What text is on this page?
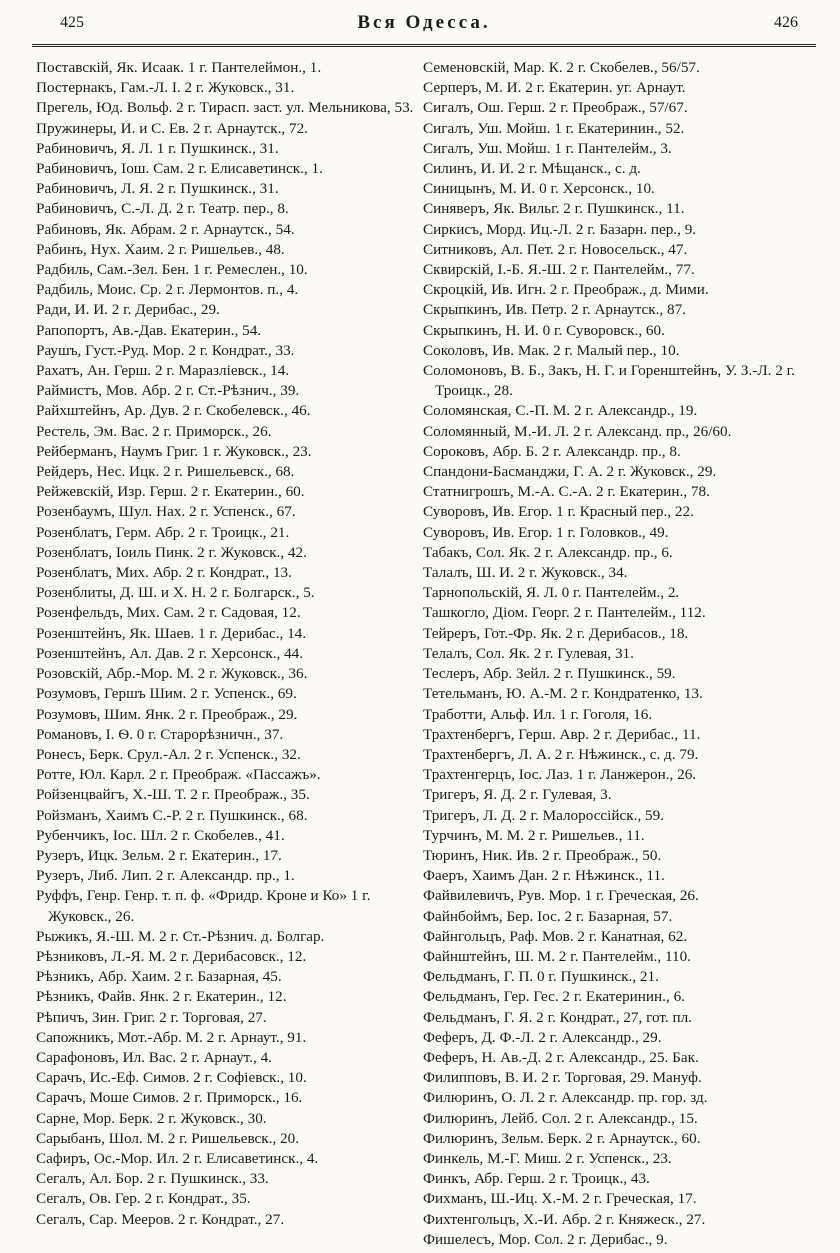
425	Вся Одесса.	426
Поставскій, Як. Исаак. 1 г. Пантелеймон., 1.
Постернакъ, Гам.-Л. І. 2 г. Жуковск., 31.
Прегель, Юд. Вольф. 2 г. Тирасп. заст. ул. Мельникова, 53.
Пружинеры, И. и С. Ев. 2 г. Арнаутск., 72.
Рабиновичъ, Я. Л. 1 г. Пушкинск., 31.
Рабиновичъ, Іош. Сам. 2 г. Елисаветинск., 1.
Рабиновичъ, Л. Я. 2 г. Пушкинск., 31.
Рабиновичъ, С.-Л. Д. 2 г. Театр. пер., 8.
Рабиновъ, Як. Абрам. 2 г. Арнаутск., 54.
Рабинъ, Нух. Хаим. 2 г. Ришельев., 48.
Радбиль, Сам.-Зел. Бен. 1 г. Ремеслен., 10.
Радбиль, Моис. Ср. 2 г. Лермонтов. п., 4.
Ради, И. И. 2 г. Дерибас., 29.
Рапопортъ, Ав.-Дав. Екатерин., 54.
Раушъ, Густ.-Руд. Мор. 2 г. Кондрат., 33.
Рахатъ, Ан. Герш. 2 г. Маразліевск., 14.
Раймистъ, Мов. Абр. 2 г. Ст.-Рѣзнич., 39.
Райхштейнъ, Ар. Дув. 2 г. Скобелевск., 46.
Рестель, Эм. Вас. 2 г. Приморск., 26.
Рейберманъ, Наумъ Григ. 1 г. Жуковск., 23.
Рейдеръ, Нес. Ицк. 2 г. Ришельевск., 68.
Рейжевскій, Изр. Герш. 2 г. Екатерин., 60.
Розенбаумъ, Шул. Нах. 2 г. Успенск., 67.
Розенблатъ, Герм. Абр. 2 г. Троицк., 21.
Розенблатъ, Іоиль Пинк. 2 г. Жуковск., 42.
Розенблатъ, Мих. Абр. 2 г. Кондрат., 13.
Розенблиты, Д. Ш. и Х. Н. 2 г. Болгарск., 5.
Розенфельдъ, Мих. Сам. 2 г. Садовая, 12.
Розенштейнъ, Як. Шаев. 1 г. Дерибас., 14.
Розенштейнъ, Ал. Дав. 2 г. Херсонск., 44.
Розовскій, Абр.-Мор. М. 2 г. Жуковск., 36.
Розумовъ, Гершъ Шим. 2 г. Успенск., 69.
Розумовъ, Шим. Янк. 2 г. Преображ., 29.
Романовъ, І. Ѳ. 0 г. Старорѣзничн., 37.
Ронесъ, Берк. Срул.-Ал. 2 г. Успенск., 32.
Ротте, Юл. Карл. 2 г. Преображ. «Пассажъ».
Ройзенцвайгъ, Х.-Ш. Т. 2 г. Преображ., 35.
Ройзманъ, Хаимъ С.-Р. 2 г. Пушкинск., 68.
Рубенчикъ, Іос. Шл. 2 г. Скобелев., 41.
Рузеръ, Ицк. Зельм. 2 г. Екатерин., 17.
Рузеръ, Либ. Лип. 2 г. Александр. пр., 1.
Руффъ, Генр. Генр. т. п. ф. «Фридр. Кроне и Ко» 1 г. Жуковск., 26.
Рыжикъ, Я.-Ш. М. 2 г. Ст.-Рѣзнич. д. Болгар.
Рѣзниковъ, Л.-Я. М. 2 г. Дерибасовск., 12.
Рѣзникъ, Абр. Хаим. 2 г. Базарная, 45.
Рѣзникъ, Файв. Янк. 2 г. Екатерин., 12.
Рѣпичъ, Зин. Григ. 2 г. Торговая, 27.
Сапожникъ, Мот.-Абр. М. 2 г. Арнаут., 91.
Сарафоновъ, Ил. Вас. 2 г. Арнаут., 4.
Сарачъ, Ис.-Еф. Симов. 2 г. Софіевск., 10.
Сарачъ, Моше Симов. 2 г. Приморск., 16.
Сарне, Мор. Берк. 2 г. Жуковск., 30.
Сарыбанъ, Шол. М. 2 г. Ришельевск., 20.
Сафиръ, Ос.-Мор. Ил. 2 г. Елисаветинск., 4.
Сегалъ, Ал. Бор. 2 г. Пушкинск., 33.
Сегалъ, Ов. Гер. 2 г. Кондрат., 35.
Сегалъ, Сар. Мееров. 2 г. Кондрат., 27.
Семеновскій, Мар. К. 2 г. Скобелев., 56/57.
Серперъ, М. И. 2 г. Екатерин. уг. Арнаут.
Сигалъ, Ош. Герш. 2 г. Преображ., 57/67.
Сигалъ, Уш. Мойш. 1 г. Екатеринин., 52.
Сигалъ, Уш. Мойш. 1 г. Пантелейм., 3.
Силинъ, И. И. 2 г. Мѣщанск., с. д.
Синицынъ, М. И. 0 г. Херсонск., 10.
Синяверъ, Як. Вильг. 2 г. Пушкинск., 11.
Сиркисъ, Морд. Иц.-Л. 2 г. Базарн. пер., 9.
Ситниковъ, Ал. Пет. 2 г. Новосельск., 47.
Сквирскій, І.-Б. Я.-Ш. 2 г. Пантелейм., 77.
Скроцкій, Ив. Игн. 2 г. Преображ., д. Мими.
Скрыпкинъ, Ив. Петр. 2 г. Арнаутск., 87.
Скрыпкинъ, Н. И. 0 г. Суворовск., 60.
Соколовъ, Ив. Мак. 2 г. Малый пер., 10.
Соломоновъ, В. Б., Закъ, Н. Г. и Горенштейнъ, У. З.-Л. 2 г. Троицк., 28.
Соломянская, С.-П. М. 2 г. Александр., 19.
Соломянный, М.-И. Л. 2 г. Александ. пр., 26/60.
Сороковъ, Абр. Б. 2 г. Александр. пр., 8.
Спандони-Басманджи, Г. А. 2 г. Жуковск., 29.
Статнигрошъ, М.-А. С.-А. 2 г. Екатерин., 78.
Суворовъ, Ив. Егор. 1 г. Красный пер., 22.
Суворовъ, Ив. Егор. 1 г. Головков., 49.
Табакъ, Сол. Як. 2 г. Александр. пр., 6.
Талалъ, Ш. И. 2 г. Жуковск., 34.
Тарнопольскій, Я. Л. 0 г. Пантелейм., 2.
Ташкогло, Діом. Георг. 2 г. Пантелейм., 112.
Тейреръ, Гот.-Фр. Як. 2 г. Дерибасов., 18.
Телалъ, Сол. Як. 2 г. Гулевая, 31.
Теслеръ, Абр. Зейл. 2 г. Пушкинск., 59.
Тетельманъ, Ю. А.-М. 2 г. Кондратенко, 13.
Тработти, Альф. Ил. 1 г. Гоголя, 16.
Трахтенбергъ, Герш. Авр. 2 г. Дерибас., 11.
Трахтенбергъ, Л. А. 2 г. Нѣжинск., с. д. 79.
Трахтенгерцъ, Іос. Лаз. 1 г. Ланжерон., 26.
Тригеръ, Я. Д. 2 г. Гулевая, 3.
Тригеръ, Л. Д. 2 г. Малороссійск., 59.
Турчинъ, М. М. 2 г. Ришельев., 11.
Тюринъ, Ник. Ив. 2 г. Преображ., 50.
Фаеръ, Хаимъ Дан. 2 г. Нѣжинск., 11.
Файвилевичъ, Рув. Мор. 1 г. Греческая, 26.
Файнбоймъ, Бер. Іос. 2 г. Базарная, 57.
Файнгольцъ, Раф. Мов. 2 г. Канатная, 62.
Файнштейнъ, Ш. М. 2 г. Пантелейм., 110.
Фельдманъ, Г. П. 0 г. Пушкинск., 21.
Фельдманъ, Гер. Гес. 2 г. Екатеринин., 6.
Фельдманъ, Г. Я. 2 г. Кондрат., 27, гот. пл.
Феферъ, Д. Ф.-Л. 2 г. Александр., 29.
Феферъ, Н. Ав.-Д. 2 г. Александр., 25. Бак.
Филипповъ, В. И. 2 г. Торговая, 29. Мануф.
Филюринъ, О. Л. 2 г. Александр. пр. гор. зд.
Филюринъ, Лейб. Сол. 2 г. Александр., 15.
Филюринъ, Зельм. Берк. 2 г. Арнаутск., 60.
Финкель, М.-Г. Миш. 2 г. Успенск., 23.
Финкъ, Абр. Герш. 2 г. Троицк., 43.
Фихманъ, Ш.-Иц. Х.-М. 2 г. Греческая, 17.
Фихтенгольцъ, Х.-И. Абр. 2 г. Княжеск., 27.
Фишелесъ, Мор. Сол. 2 г. Дерибас., 9.
